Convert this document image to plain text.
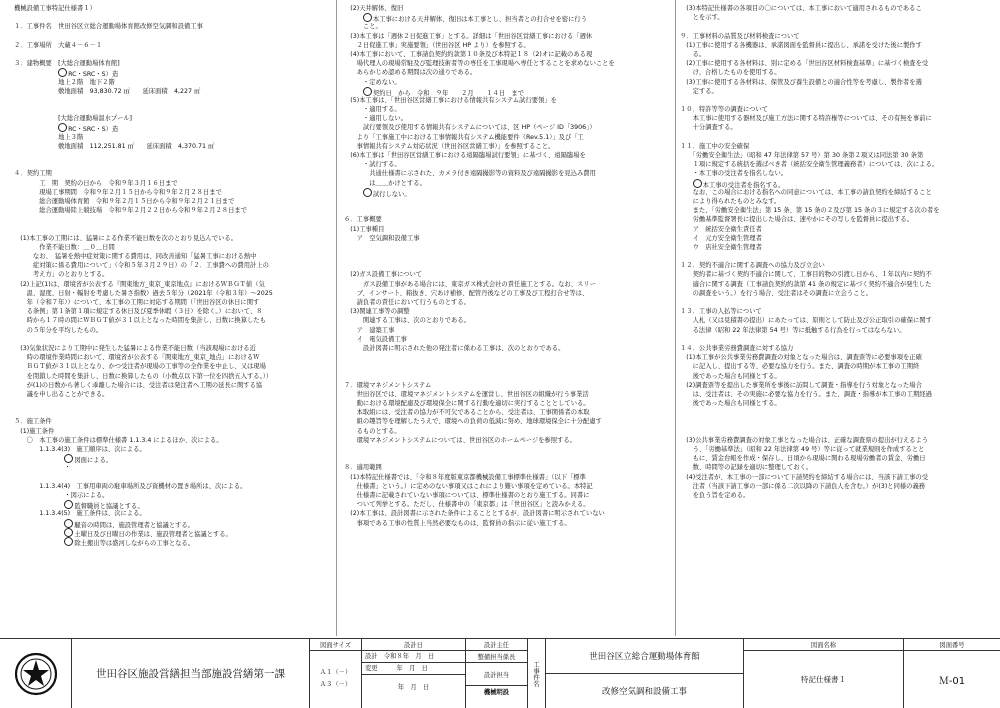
機械設備工事特記仕様書１）
１．工事件名　世田谷区立総合運動場体育館改修空気調和設備工事
２．工事場所　大蔵４－６－１
３．建物概要　[大総合運動場体育館]
　　　　　　　RC・SRC・S）造
　　　　　　　地上２階　地下２階
　　　　　　　敷地面積　93,830.72 ㎡　　延床面積　4,227 ㎡
　　　　　　　[大総合運動場温水プール]
　　　　　　　RC・SRC・S）造
　　　　　　　地上３階
　　　　　　　敷地面積　112,251.81 ㎡　　延床面積　4,370.71 ㎡
４．契約工期
　　　　工　期　契約の日から　令和９年３月１６日まで
　　　　現場工事期間　令和９年２月１５日から令和９年２月２８日まで
　　　　総合運動場体育館　令和９年２月１５日から令和９年２月２１日まで
　　　　総合運動場陸上競技場　令和９年２月２２日から令和９年２月２８日まで
　(1)本工事の工期には、猛暑による作業不能日数を次のとおり見込んでいる。
　　　　作業不能日数：＿０＿日間
　　　なお、　猛暑を熱中症対策に関する費用は、同改善通知「猛暑工事における熱中
　　　症対策に係る費用について」（令和５年３月２９日）の「２．工事費への費用計上の
　　　考え方」のとおりとする。
　(2)上記(1)は、環境省が公表する『関東地方_東京_東京地点』におけるＷＢＧＴ値（気
　　温、湿度、日射・輻射を考慮した暑さ指数）過去５年分（2021年（令和３年）～2025
　　年（令和７年））について、本工事の工期に対応する期間（「世田谷区の休日に関す
　　る条例」第１条第１項に規定する休日及び夏季休暇（３日）を除く。）において、８
　　時から１７時の間にＷＢＧＴ値が３１以上となった時間を集計し、日数に換算したも
　　の５年分を平均したもの。
　(3)気象状況により工期中に発生した猛暑による作業不能日数（当該現場における近
　　時の環境作業時間において、環境省が公表する「関東地方_東京_地点」におけるＷ
　　ＢＧＴ値が３１以上となり、かつ受注者が現場の工事等の全作業を中止し、又は現場
　　を閉鎖した時間を集計し、日数に換算したもの（小数点以下第一位を四捨五入する。））
　　が(1)の日数から著しく乖離した場合には、受注者は発注者へ工期の延長に関する協
　　議を申し出ることができる。
５．施工条件
　(1)施工条件
　　〇　本工事の施工条件は標準仕様書 1.1.3.4 によるほか、次による。
　　　　1.1.3.4(3)　施工順序は、次による。
　　　　　　　　図面による。
　　　　　　　　・
　　　　1.1.3.4(4)　工事用車両の駐車場所及び資機材の置き場所は、次による。
　　　　　　　　・図示による。
　　　　　　　　監督職員と協議とする。
　　　　1.1.3.4(5)　施工条件は、次による。
　　　　　　　　騒音の時間は、施設管理者と協議とする。
　　　　　　　　土曜日及び日曜日の作業は、施設管理者と協議とする。
　　　　　　　　除土搬出等は盛河しながらの工事となる。
　(2)天井解体、復旧
　　　本工事における天井解体、復旧は本工事とし、担当者との打合せを密に行う
　　　こと。
　(3)本工事は「週休２日促進工事」とする。詳細は「世田谷区営繕工事における「週休
　　２日促進工事」実施要領」（世田谷区 HP より）を参照する。
　(4)本工事において、工事請負契約約款第１０条及び本特記１８（2)オに記載のある現
　　場代理人の現場常駐及び監理技術者等の専任を工事現場へ専任とすることを求めないことを
　　あらかじめ認める期間は次の通りである。
　　　・定めない。
　　　契約日　から　令和　９年　　２月　　１４日　まで
　(5)本工事は、「世田谷区営繕工事における情報共有システム試行要領」を
　　　・適用する。
　　　・適用しない。
　　　試行要領及び使用する情報共有システムについては、区 HP（ページ ID「3906」）
　　より「工事施工中における工事情報共有システム機能要件（Rev.5.1）」及び「工
　　事情報共有システム対応状況（世田谷区営繕工事）」を参照すること。
　(6)本工事は「世田谷区営繕工事における遠隔臨場試行要領」に基づく、遠隔臨場を
　　　・試行する。
　　　　共通仕様書に示された、カメラ付き遠隔撮影等の資料及び遠隔撮影を見込み費用
　　　　は＿＿かけとする。
　　　試行しない。
６．工事概要
　(1)工事種目
　　ア　空気調和設備工事
　(2)ガス設備工事について
　　　ガス設備工事がある場合には、東京ガス株式会社の責任施工とする。なお、スリー
　　ブ、インサート、箱抜き、穴あけ補修、配管丹後などの工事及び工程打合せ等は、
　　請負者の責任において行うものとする。
　(3)関連工事等の調整
　　　関連する工事は、次のとおりである。
　　ア　建築工事
　　イ　電気設備工事
　　　設計図書に明示された他の発注者に係わる工事は、次のとおりである。
７．環境マネジメントシステム
　　世田谷区では、環境マネジメントシステムを運営し、世田谷区の組織が行う事業活
　　動における環境配慮及び環境保全に関する行動を適切に実行することとしている。
　　本取組には、受注者の協力が不可欠であることから、受注者は、工事関係者の本取
　　組の趣旨等を理解したうえで、環境への負荷の低減に努め、地球環境保全に十分配慮す
　　るものとする。
　　環境マネジメントシステムについては、世田谷区のホームページを参照する。
８．適用範囲
　(1)本特記仕様書では、「令和８年度版東京都機械設備工事標準仕様書」（以下「標準
　　仕様書」という。）に定めのない事項又はこれにより難い事項を定めている。本特記
　　仕様書に記載されていない事項については、標準仕様書のとおり施工する。同書に
　　ついて列挙とする。ただし、仕様書中の「東京都」は「世田谷区」と読みかえる。
　(2)本工事は、設計図書に示された条件によることとするが、設計図書に明示されていない
　　事項である工事の性質上当然必要なものは、監督員の指示に従い施工する。
　(3)本特記仕様書の各項目の〇については、本工事において適用されるものであるこ
　　とを示す。
９．工事材料の品質及び材料検査について
　(1)工事に使用する各機器は、承諾図面を監督員に提出し、承諾を受けた後に製作す
　　る。
　(2)工事に使用する各材料は、別に定める「世田谷区材料検査基準」に基づく検査を受
　　け、合格したものを使用する。
　(3)工事に使用する各材料は、保管及び養生設備との適合性等を考慮し、製作者を選
　　定する。
１０．特許等等の調査について
　　本工事に使用する器材及び施工方法に関する特許権等については、その有無を事前に
　　十分調査する。
１１．施工中の安全確保
　　「労働安全衛生法」（昭和 47 年法律第 57 号）第 30 条第２項又は同法第 30 条第
　　１項に規定する統括を選ばべき者（統括安全衛生管理義務者）については、次による。
　　・本工事の受注者を指名しない。
　　本工事の受注者を指名する。
　　なお、この場合における指名への同意については、本工事の請負契約を締結すること
　　により得られたものとみなす。
　　また、「労働安全衛生法」第 15 条、第 15 条の２及び第 15 条の３に規定する次の者を
　　労働基準監督署長に提出した場合は、速やかにその写しを監督員に提出する。
　　ア　統括安全衛生責任者
　　イ　元方安全衛生管理者
　　ウ　店社安全衛生管理者
１２．契約不適合に関する調査への協力及び立会い
　　契約者に基づく契約不適合に関して、工事目的物の引渡し日から、１年以内に契約不
　　適合に関する調査（工事請負契約約款第 41 条の規定に基づく契約不適合が発生した
　　の調査をいう。）を行う場合、受注者はその調査に立会うこと。
１３．工事の人払等について
　　人札（又は見積書の提出）にあたっては、原則として防止及び公正取引の確保に関す
　　る法律（昭和 22 年法律第 54 号）等に抵触する行為を行ってはならない。
１４．公共事業労務費調査に対する協力
　(1)本工事が公共事業労務費調査の対象となった場合は、調査票等に必要事項を正確
　　に記入し、提出する等、必要な協力を行う。また、調査の時期が本工事の工期終
　　後であった場合も同様とする。
　(2)調査票等を提出した事業所を事後に訪問して調査・指導を行う対象となった場合
　　は、受注者は、その実施に必要な協力を行う。また、調査・指導が本工事の工期経過
　　後であった場合も同様とする。
　(3)公共事業労務費調査の対象工事となった場合は、正確な調査票の提出が行えるよう
　　う、「労働基準法」（昭和 22 年法律第 49 号）等に従って就業規則を作成するとと
　　もに、賃金台帳を作成・保存し、日頃から現場に関わる現場労働者の賃金、労働日
　　数、時間等の記録を適切に整理しておく。
　(4)受注者が、本工事の一部について下請契約を締結する場合には、当該下請工事の受
　　注者（当該下請工事の一部に係る二次以降の下請負人を含む。）が(3)と同様の義務
　　を負う旨を定める。
世田谷区施設営繕担当部施設営繕第一課
図面サイズ
Ａ１（－）
Ａ３（－）
設計日
設計　令和８年　月　日
変更　　　年　月　日
年　月　日
設計主任
整備担当係長
設計担当
機械明設
工事件名
世田谷区立総合運動場体育館
改修空気調和設備工事
図面名称
特記仕様書１
図面番号
Ｍ-01
